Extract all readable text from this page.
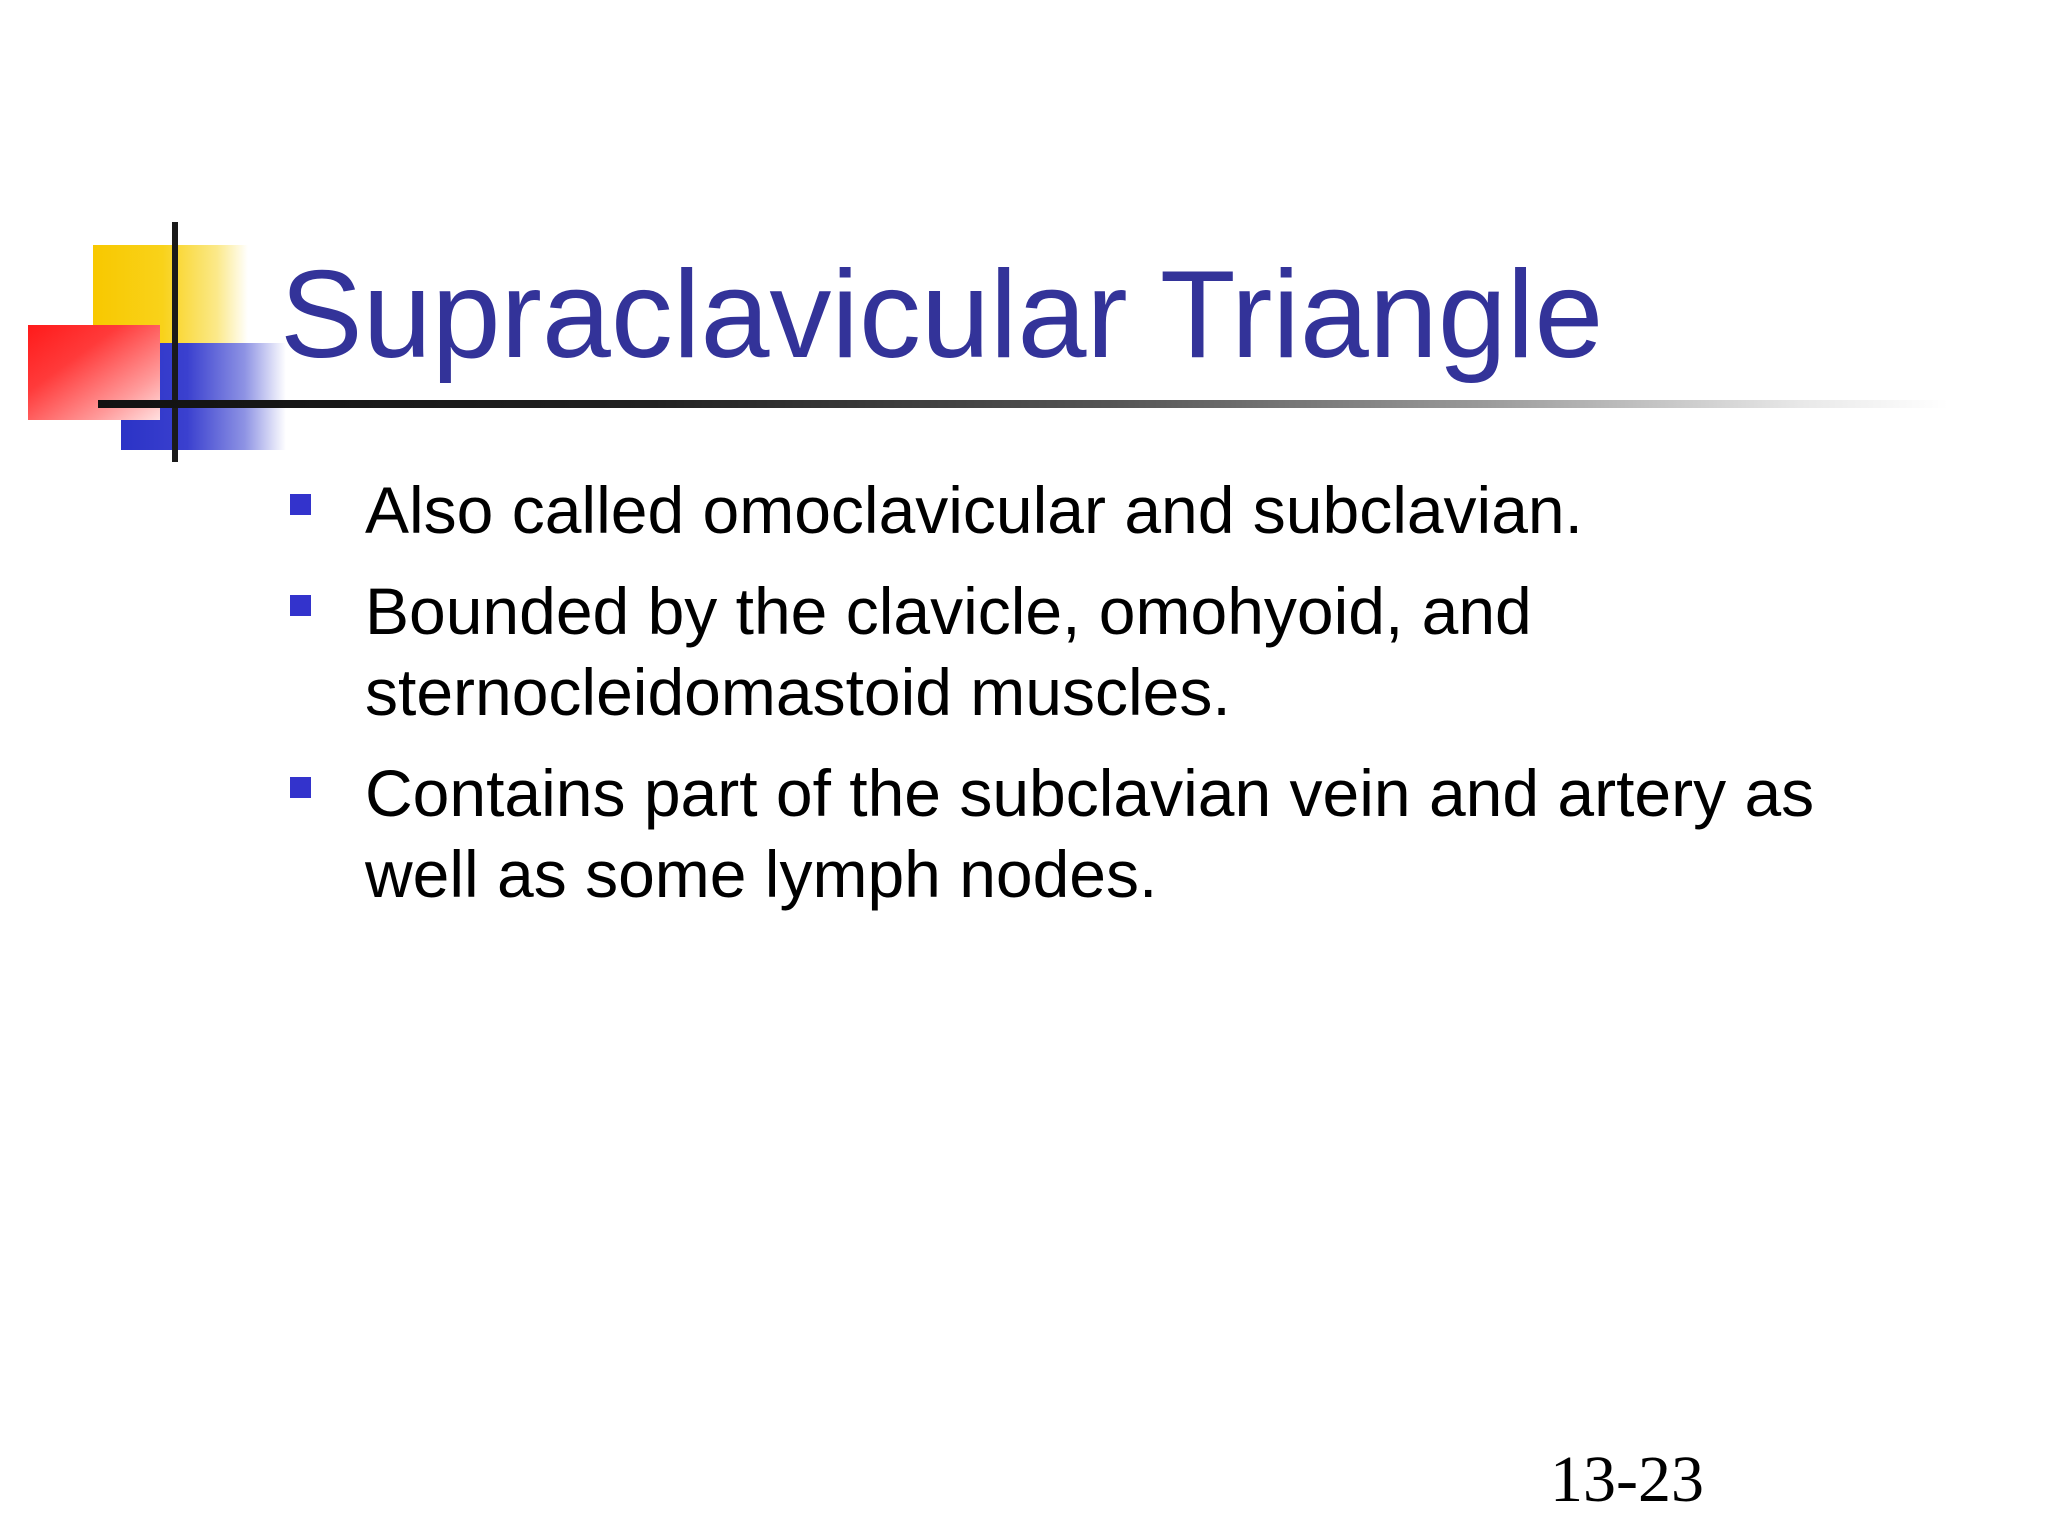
Supraclavicular Triangle
Also called omoclavicular and subclavian.
Bounded by the clavicle, omohyoid, and sternocleidomastoid muscles.
Contains part of the subclavian vein and artery as well as some lymph nodes.
13-23
